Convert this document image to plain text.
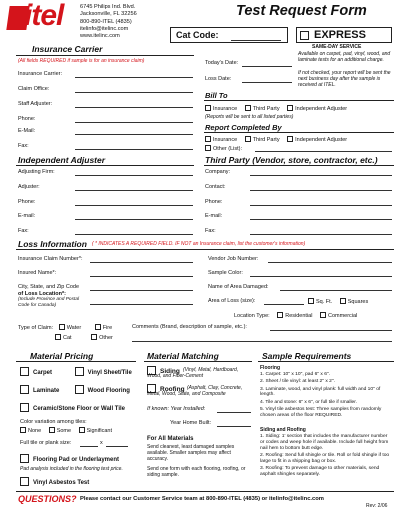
itel	6745 Philips Ind. Blvd.
Jacksonville, FL 32256
800-890-ITEL (4835)
itelinfo@itelinc.com
www.itelinc.com
Test Request Form
Cat Code:	EXPRESS
SAME-DAY SERVICE
Available on carpet, pad, vinyl, wood, and laminate tests for an additional charge.
If not checked, your report will be sent the next business day after the sample is received at ITEL.
Insurance Carrier
(All fields REQUIRED if sample is for an insurance claim)
Insurance Carrier:
Claim Office:
Staff Adjuster:
Phone:
E-Mail:
Fax:
Today's Date:
Loss Date:
Bill To
Insurance	Third Party	Independent Adjuster
(Reports will be sent to all listed parties)
Report Completed By
Insurance	Third Party	Independent Adjuster
Other (List):
Independent Adjuster
Adjusting Firm:
Adjuster:
Phone:
E-mail:
Fax:
Third Party (Vendor, store, contractor, etc.)
Company:
Contact:
Phone:
E-mail:
Fax:
Loss Information ( * INDICATES A REQUIRED FIELD. IF NOT an Insurance claim, list the customer's information)
Insurance Claim Number*:
Insured Name*:
City, State, and Zip Code
of Loss Location*:
(Include Province and Postal Code for Canada)
Vendor Job Number:
Sample Color:
Name of Area Damaged:
Area of Loss (size):	Sq. Ft.	Squares
Location Type:	Residential	Commercial
Type of Claim: Water	Fire
Cat	Other
Comments (Brand, description of sample, etc.):
Material Pricing
Carpet	Vinyl Sheet/Tile
Laminate	Wood Flooring
Ceramic/Stone Floor or Wall Tile
Color variation among tiles:
None	Some	Significant
Full tile or plank size:	x
Flooring Pad or Underlayment
Pad analysis included in the flooring test price.
Vinyl Asbestos Test
Material Matching
Siding (Vinyl, Metal, Hardboard, Wood, and Fiber-Cement
Roofing (Asphalt, Clay, Concrete, Metal, Wood, Slate, and Composite
If known: Year Installed:
Year Home Built:
For All Materials
Send cleanest, least damaged samples available. Smaller samples may affect accuracy.
Send one form with each flooring, roofing, or siding sample.
Sample Requirements
Flooring
1. Carpet: 10" x 10", pad 6" x 6".
2. Sheet / tile vinyl: at least 2" x 2".
3. Laminate, wood, and vinyl plank: full width and 10" of length.
4. Tile and stone: 6" x 6", or full tile if smaller.
5. Vinyl tile asbestos test: Three samples from randomly chosen areas of the floor REQUIRED.
Siding and Roofing
1. Siding: 1' section that includes the manufacturer number or codes and weep hole if available. Include full height from nail hem to bottom butt edge.
2. Roofing: Send full shingle or tile. Roll or fold shingle if too large to fit in a shipping bag or box.
3. Roofing: To prevent damage to other materials, send asphalt shingles separately.
QUESTIONS? Please contact our Customer Service team at 800-890-ITEL (4835) or itelinfo@itelinc.com
Rev: 2/06
